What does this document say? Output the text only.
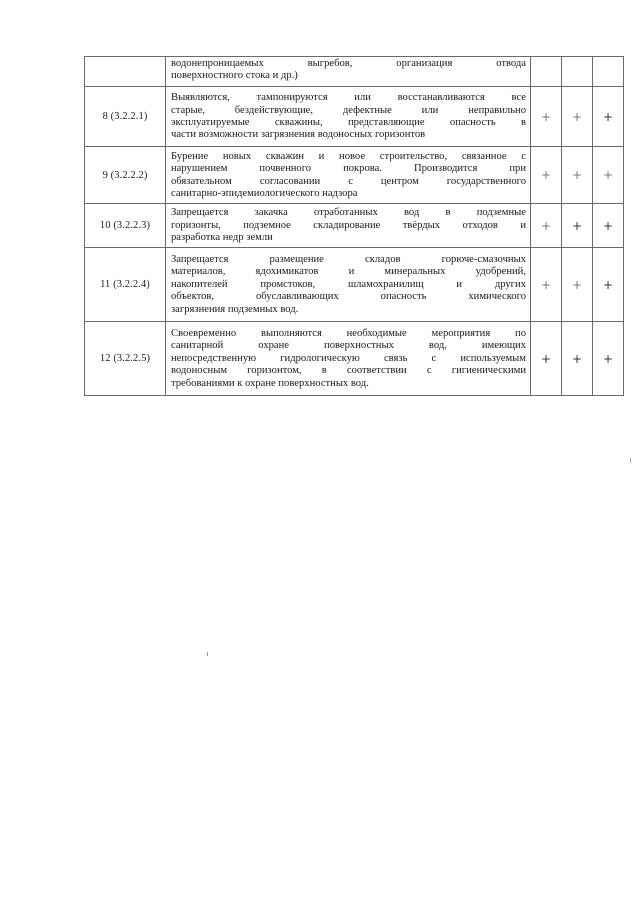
	водонепроницаемых выгребов, организация отвода
поверхностного стока и др.)			
8 (3.2.2.1)	Выявляются, тампонируются или восстанавливаются все
старые, бездействующие, дефектные или неправильно
эксплуатируемые скважины, представляющие опасность в
части возможности загрязнения водоносных горизонтов	+	+	+
9 (3.2.2.2)	Бурение новых скважин и новое строительство, связанное с
нарушением почвенного покрова. Производится при
обязательном согласовании с центром государственного
санитарно-эпидемиологического надзора	+	+	+
10 (3.2.2.3)	Запрещается закачка отработанных вод в подземные
горизонты, подземное складирование твёрдых отходов и
разработка недр земли	+	+	+
11 (3.2.2.4)	Запрещается размещение складов горюче-смазочных
материалов, ядохимикатов и минеральных удобрений,
накопителей промстоков, шламохранилищ и других
объектов, обуславливающих опасность химического
загрязнения подземных вод.	+	+	+
12 (3.2.2.5)	Своевременно выполняются необходимые мероприятия по
санитарной охране поверхностных вод, имеющих
непосредственную гидрологическую связь с используемым
водоносным горизонтом, в соответствии с гигиеническими
требованиями к охране поверхностных вод.	+	+	+
